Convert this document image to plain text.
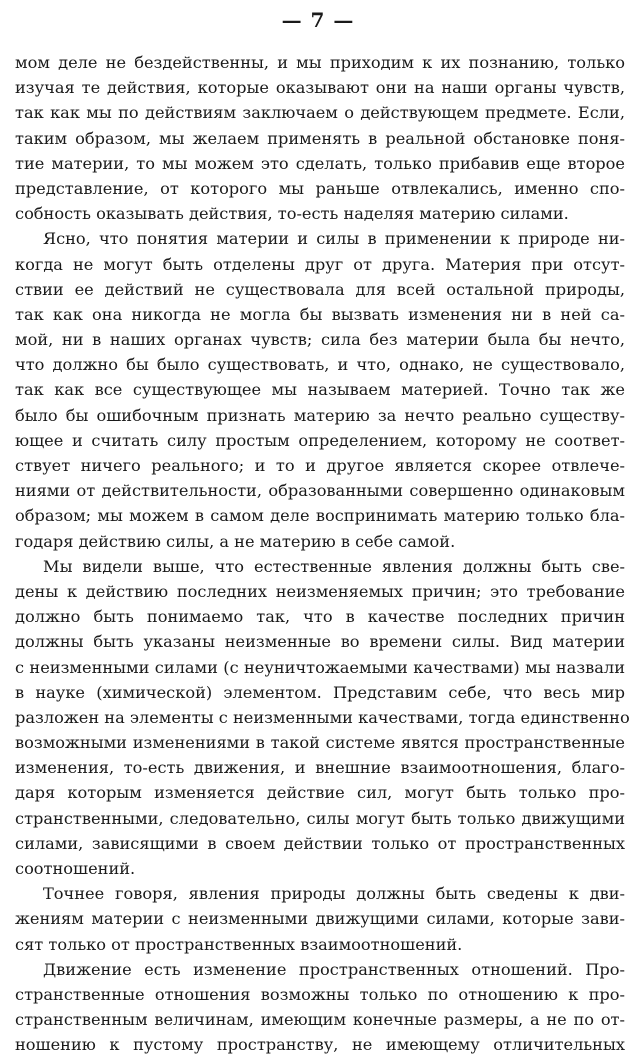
— 7 —
мом деле не бездейственны, и мы приходим к их познанию, только
изучая те действия, которые оказывают они на наши органы чувств,
так как мы по действиям заключаем о действующем предмете. Если,
таким образом, мы желаем применять в реальной обстановке поня-
тие материи, то мы можем это сделать, только прибавив еще второе
представление, от которого мы раньше отвлекались, именно спо-
собность оказывать действия, то-есть наделяя материю силами.
Ясно, что понятия материи и силы в применении к природе ни-
когда не могут быть отделены друг от друга. Материя при отсут-
ствии ее действий не существовала для всей остальной природы,
так как она никогда не могла бы вызвать изменения ни в ней са-
мой, ни в наших органах чувств; сила без материи была бы нечто,
что должно бы было существовать, и что, однако, не существовало,
так как все существующее мы называем материей. Точно так же
было бы ошибочным признать материю за нечто реально существу-
ющее и считать силу простым определением, которому не соответ-
ствует ничего реального; и то и другое является скорее отвлече-
ниями от действительности, образованными совершенно одинаковым
образом; мы можем в самом деле воспринимать материю только бла-
годаря действию силы, а не материю в себе самой.
Мы видели выше, что естественные явления должны быть све-
дены к действию последних неизменяемых причин; это требование
должно быть понимаемо так, что в качестве последних причин
должны быть указаны неизменные во времени силы. Вид материи
с неизменными силами (с неуничтожаемыми качествами) мы назвали
в науке (химической) элементом. Представим себе, что весь мир
разложен на элементы с неизменными качествами, тогда единственно
возможными изменениями в такой системе явятся пространственные
изменения, то-есть движения, и внешние взаимоотношения, благо-
даря которым изменяется действие сил, могут быть только про-
странственными, следовательно, силы могут быть только движущими
силами, зависящими в своем действии только от пространственных
соотношений.
Точнее говоря, явления природы должны быть сведены к дви-
жениям материи с неизменными движущими силами, которые зави-
сят только от пространственных взаимоотношений.
Движение есть изменение пространственных отношений. Про-
странственные отношения возможны только по отношению к про-
странственным величинам, имеющим конечные размеры, а не по от-
ношению к пустому пространству, не имеющему отличительных
